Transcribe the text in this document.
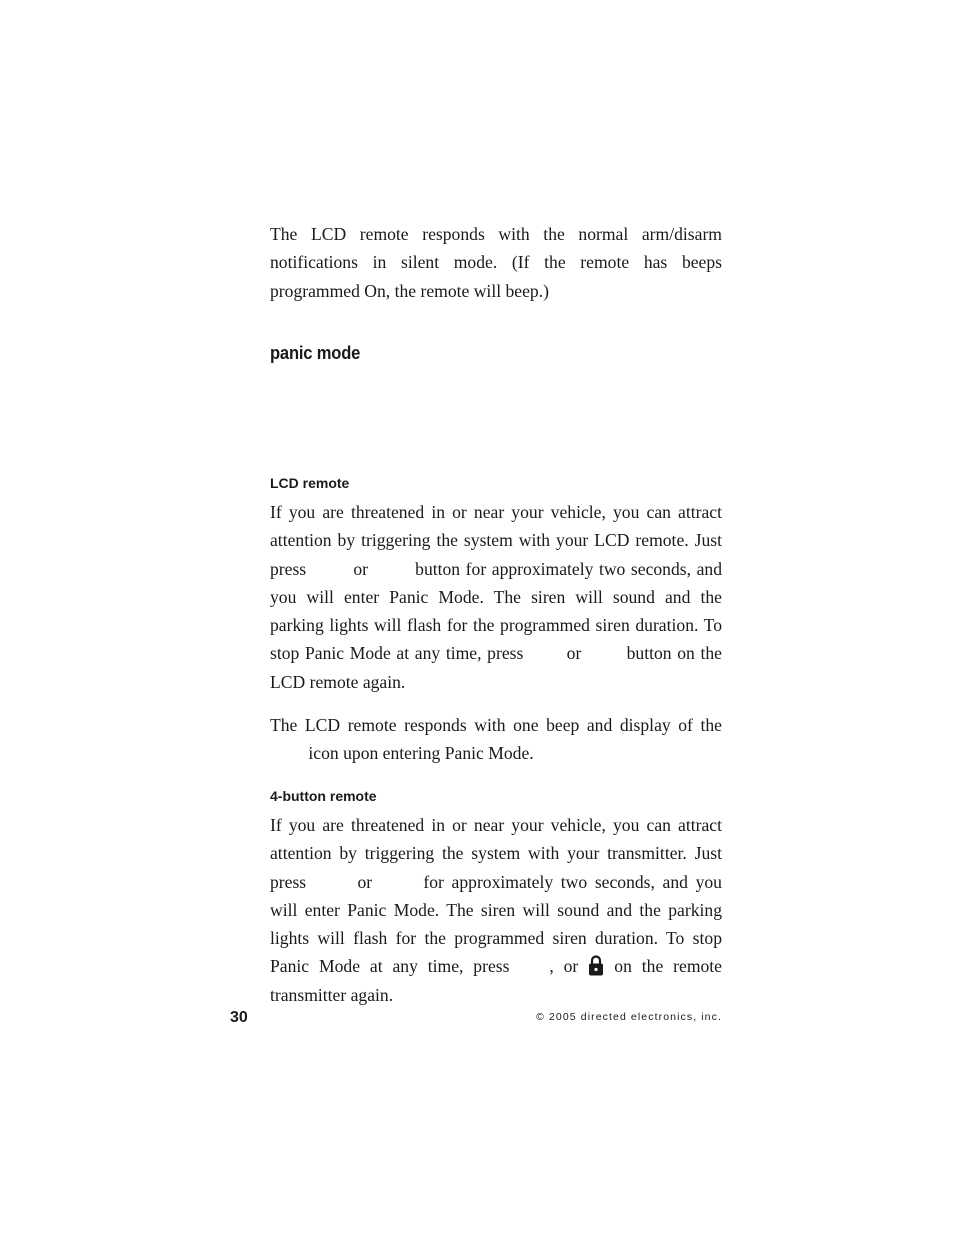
The LCD remote responds with the normal arm/disarm notifications in silent mode. (If the remote has beeps programmed On, the remote will beep.)

panic mode
LCD remote

If you are threatened in or near your vehicle, you can attract attention by triggering the system with your LCD remote. Just press	or	button for approximately two seconds, and you will enter Panic Mode. The siren will sound and the parking lights will flash for the programmed siren duration. To stop Panic Mode at any time, press or	button on the LCD remote again.

The LCD remote responds with one beep and display of the  icon upon entering Panic Mode.

4-button remote

If you are threatened in or near your vehicle, you can attract attention by triggering the system with your transmitter. Just press	or	for approximately two seconds, and you will enter Panic Mode. The siren will sound and the parking lights will flash for the programmed siren duration. To stop Panic Mode at any time, press , or on the remote transmitter again.

30	© 2005 directed electronics, inc.
